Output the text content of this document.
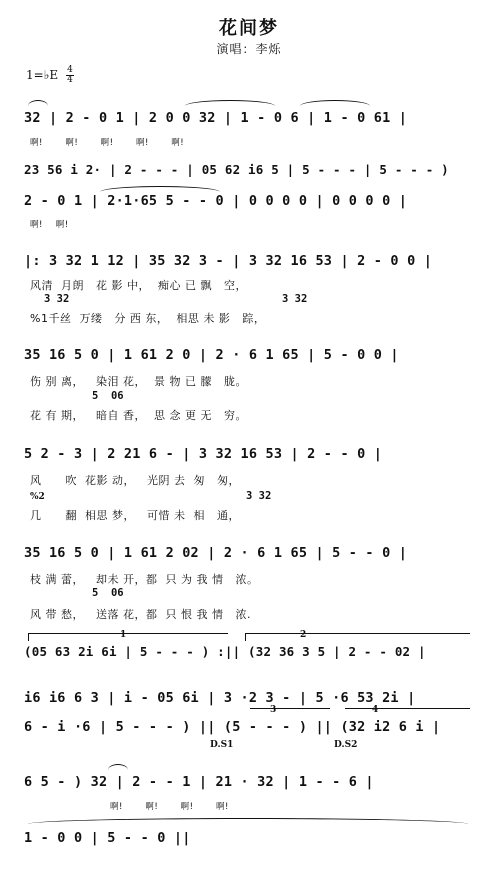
花间梦
演唱：李烁
1=♭E 4
4
32 | 2 - 0 1 | 2 0 0 32 | 1 - 0 6 | 1 - 0 61 |
啊!       啊!       啊!       啊!       啊!
23 56 i 2· | 2 - - - | 05 62 i6 5 | 5 - - - | 5 - - - )
2 - 0 1 | 2·1·65 5 - - 0 | 0 0 0 0 | 0 0 0 0 |
啊!    啊!
|: 3 32 1 12 | 35 32 3 - | 3 32 16 53 | 2 - 0 0 |
风清  月朗   花 影 中，  痴心 已 飘   空，
3 32	3 32
%1千丝  万缕   分 西 东，  相思 未 影   踪，
35 16 5 0 | 1 61 2 0 | 2 · 6 1 65 | 5 - 0 0 |
伤 别 离，   染泪 花，  景 物 已 朦   胧。
5  06
花 有 期，   暗自 香，  思 念 更 无   穷。
5 2 - 3 | 2 21 6 - | 3 32 16 53 | 2 - - 0 |
风      吹  花影 动，   光阴 去  匆   匆，
%2	3 32
几      翻  相思 梦，   可惜 未  相   通，
35 16 5 0 | 1 61 2 02 | 2 · 6 1 65 | 5 - - 0 |
枝 满 蕾，   却未 开，都  只 为 我 情   浓。
5  06
风 带 愁，   送落 花，都  只 恨 我 情   浓.
1	2
(05 63 2i 6i | 5 - - - ) :|| (32 36 3 5 | 2 - - 02 |
i6 i6 6 3 | i - 05 6i | 3 ·2 3 - | 5 ·6 53 2i |
3	4
6 - i ·6 | 5 - - - ) || (5 - - - ) || (32 i2 6 i |
D.S1	D.S2
6 5 - ) 32 | 2 - - 1 | 21 · 32 | 1 - - 6 |
啊!       啊!       啊!       啊!
1 - 0 0 | 5 - - 0 ||
